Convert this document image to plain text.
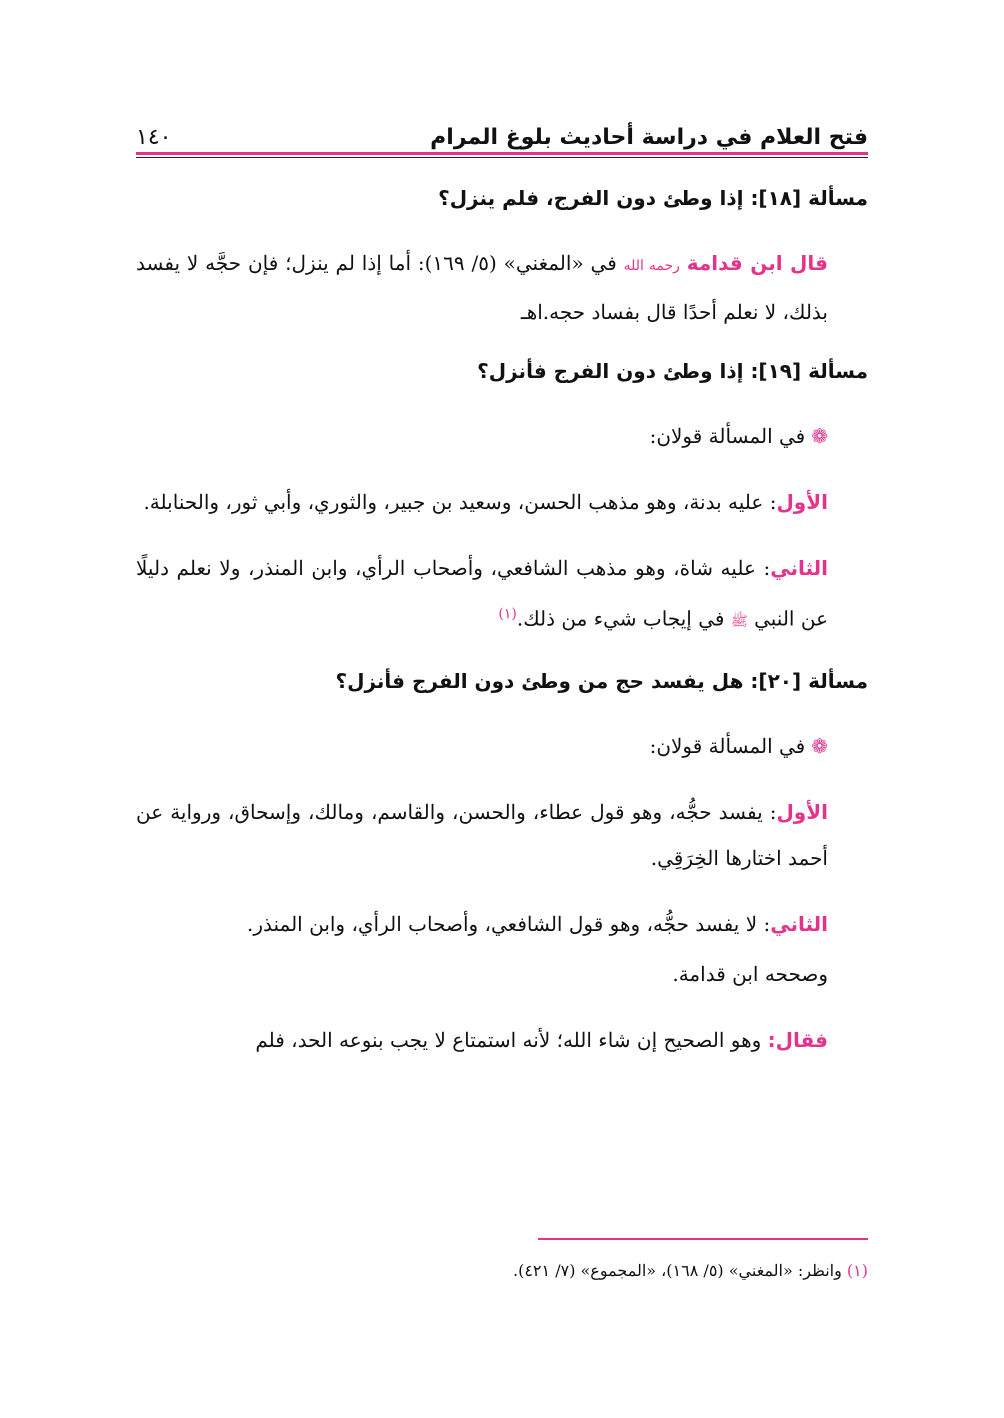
فتح العلام في دراسة أحاديث بلوغ المرام
١٤٠
مسألة [١٨]: إذا وطئ دون الفرج، فلم ينزل؟

قال ابن قدامة رحمه الله في «المغني» (٥/ ١٦٩): أما إذا لم ينزل؛ فإن حجَّه لا يفسد بذلك، لا نعلم أحدًا قال بفساد حجه.اهـ

مسألة [١٩]: إذا وطئ دون الفرج فأنزل؟

❁في المسألة قولان:

الأول: عليه بدنة، وهو مذهب الحسن، وسعيد بن جبير، والثوري، وأبي ثور، والحنابلة.

الثاني: عليه شاة، وهو مذهب الشافعي، وأصحاب الرأي، وابن المنذر، ولا نعلم دليلًا عن النبي ﷺ في إيجاب شيء من ذلك.$^{(١)}$

مسألة [٢٠]: هل يفسد حج من وطئ دون الفرج فأنزل؟

❁في المسألة قولان:

الأول: يفسد حجُّه، وهو قول عطاء، والحسن، والقاسم، ومالك، وإسحاق، ورواية عن أحمد اختارها الخِرَقِي.

الثاني: لا يفسد حجُّه، وهو قول الشافعي، وأصحاب الرأي، وابن المنذر.

وصححه ابن قدامة.

فقال: وهو الصحيح إن شاء الله؛ لأنه استمتاع لا يجب بنوعه الحد، فلم

(١) وانظر: «المغني» (٥/ ١٦٨)، «المجموع» (٧/ ٤٢١).
